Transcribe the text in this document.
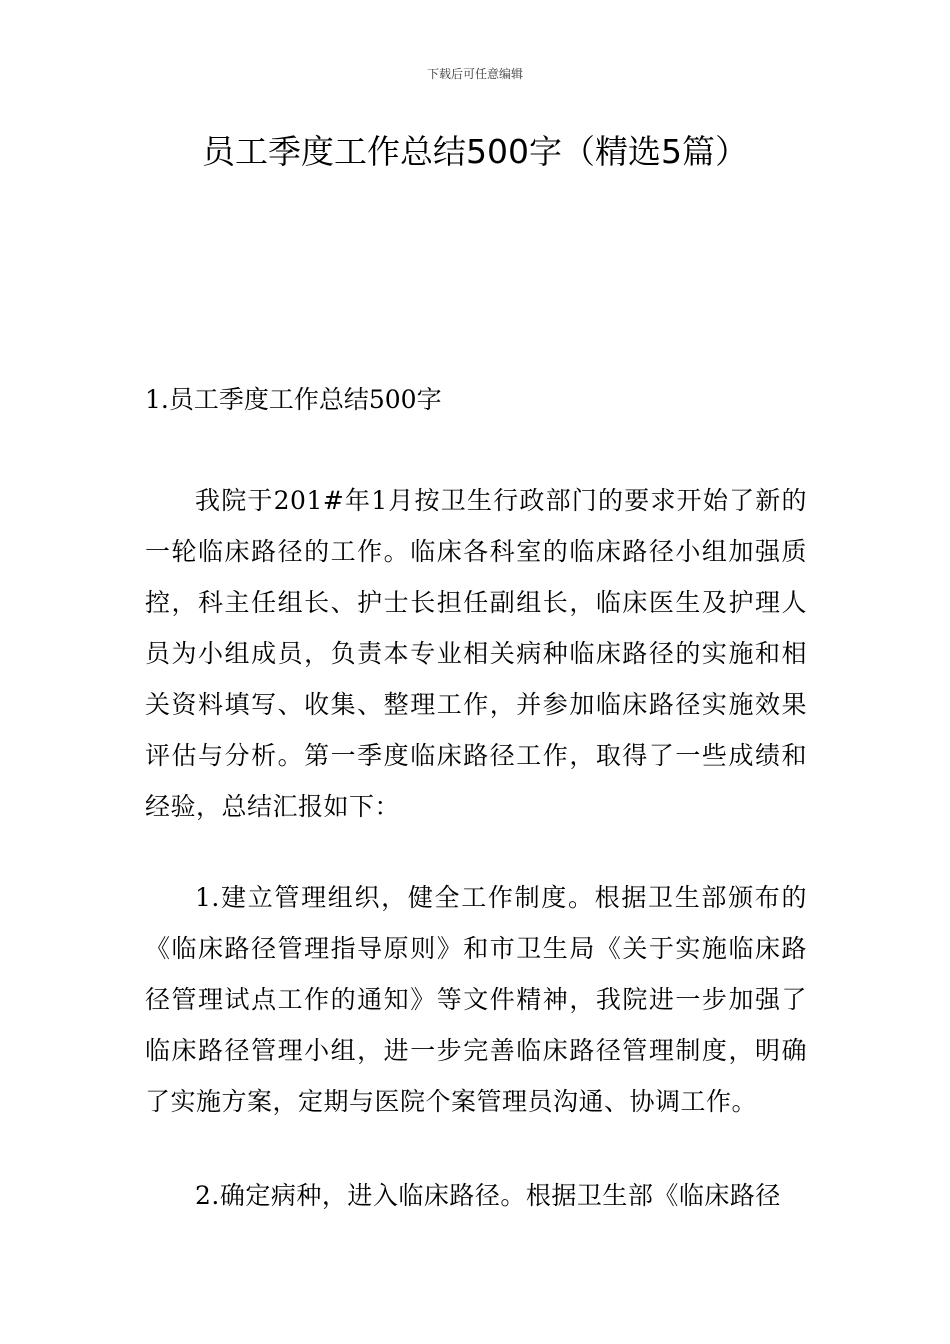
下载后可任意编辑
员工季度工作总结500字（精选5篇）
1.员工季度工作总结500字

我院于201#年1月按卫生行政部门的要求开始了新的一轮临床路径的工作。临床各科室的临床路径小组加强质控，科主任组长、护士长担任副组长，临床医生及护理人员为小组成员，负责本专业相关病种临床路径的实施和相关资料填写、收集、整理工作，并参加临床路径实施效果评估与分析。第一季度临床路径工作，取得了一些成绩和经验，总结汇报如下：

1.建立管理组织，健全工作制度。根据卫生部颁布的《临床路径管理指导原则》和市卫生局《关于实施临床路径管理试点工作的通知》等文件精神，我院进一步加强了临床路径管理小组，进一步完善临床路径管理制度，明确了实施方案，定期与医院个案管理员沟通、协调工作。

2.确定病种，进入临床路径。根据卫生部《临床路径
